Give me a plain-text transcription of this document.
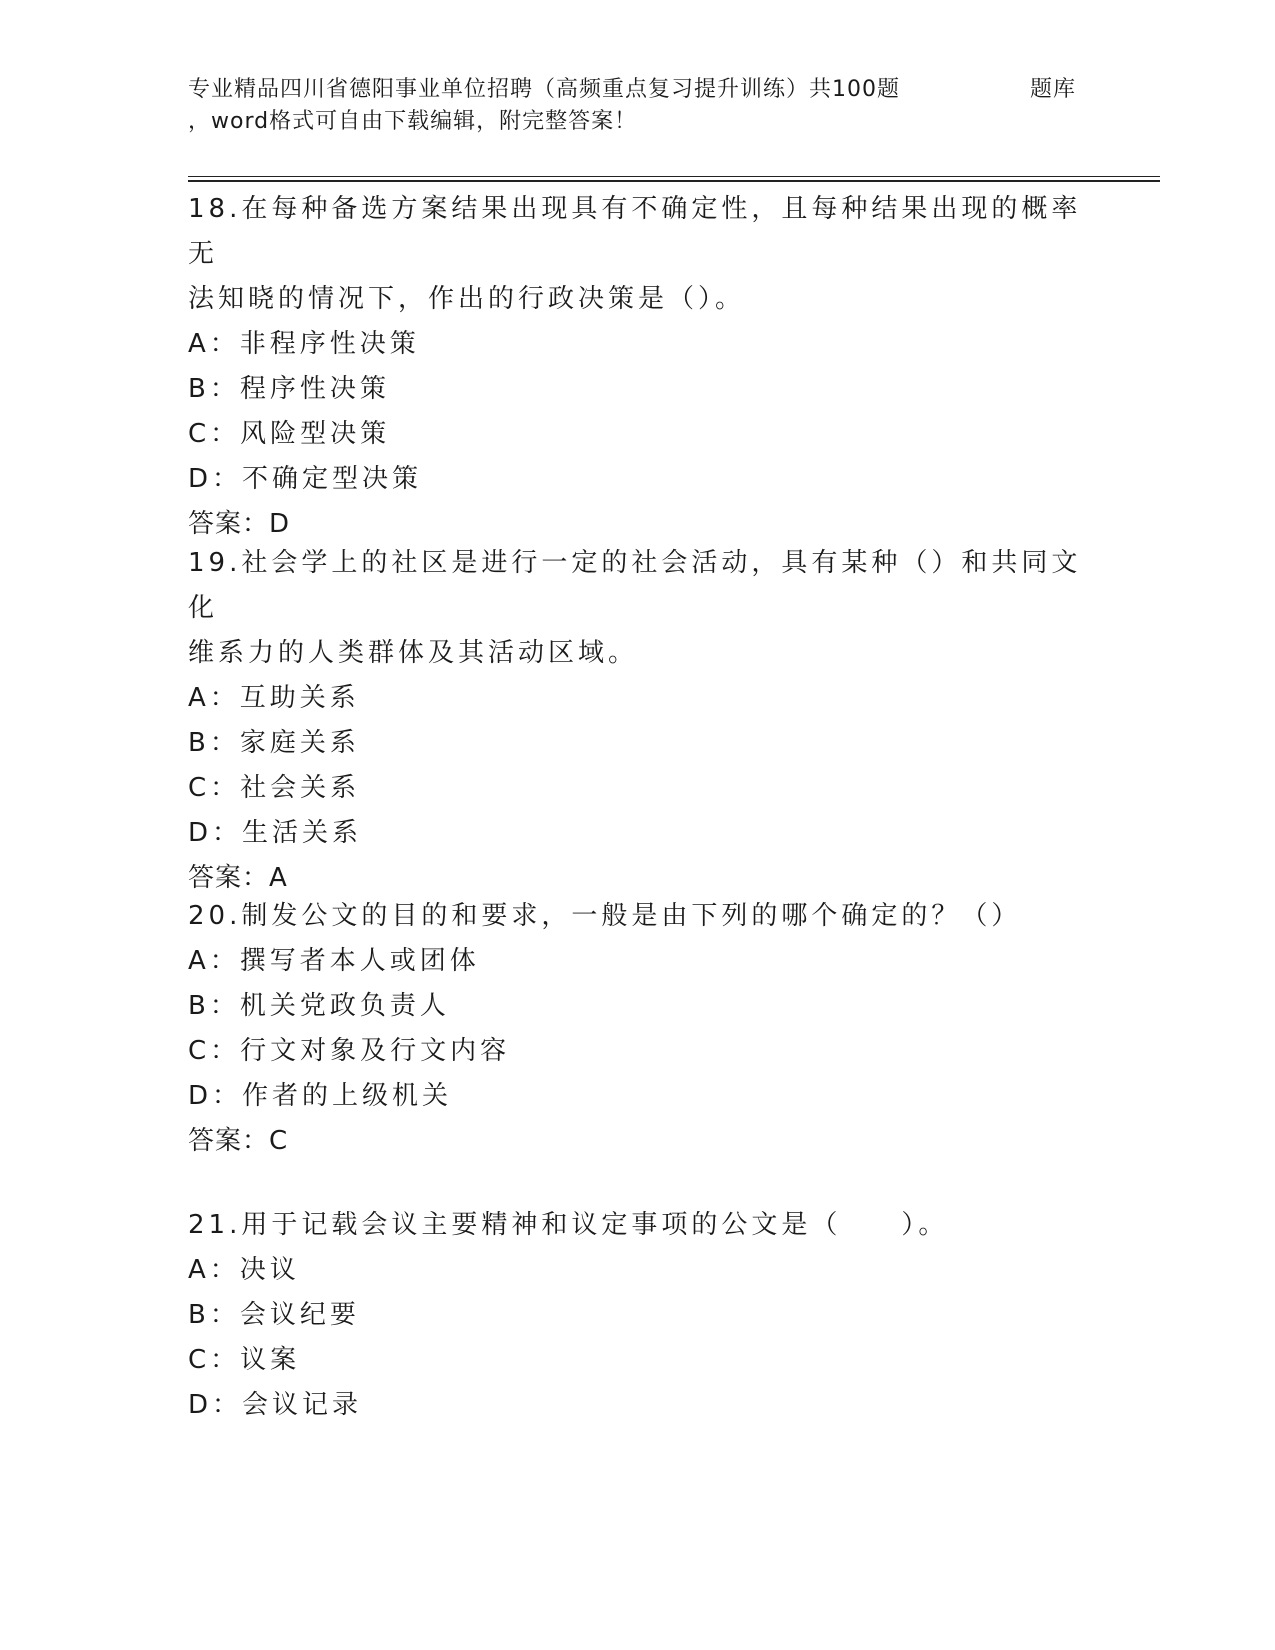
专业精品四川省德阳事业单位招聘（高频重点复习提升训练）共100题	题库
，word格式可自由下载编辑，附完整答案！
18.在每种备选方案结果出现具有不确定性，且每种结果出现的概率无
法知晓的情况下，作出的行政决策是（）。
A：非程序性决策
B：程序性决策
C：风险型决策
D：不确定型决策
答案：D
19.社会学上的社区是进行一定的社会活动，具有某种（）和共同文化
维系力的人类群体及其活动区域。
A：互助关系
B：家庭关系
C：社会关系
D：生活关系
答案：A
20.制发公文的目的和要求，一般是由下列的哪个确定的？（）
A：撰写者本人或团体
B：机关党政负责人
C：行文对象及行文内容
D：作者的上级机关
答案：C
21.用于记载会议主要精神和议定事项的公文是（　　）。
A：决议
B：会议纪要
C：议案
D：会议记录
